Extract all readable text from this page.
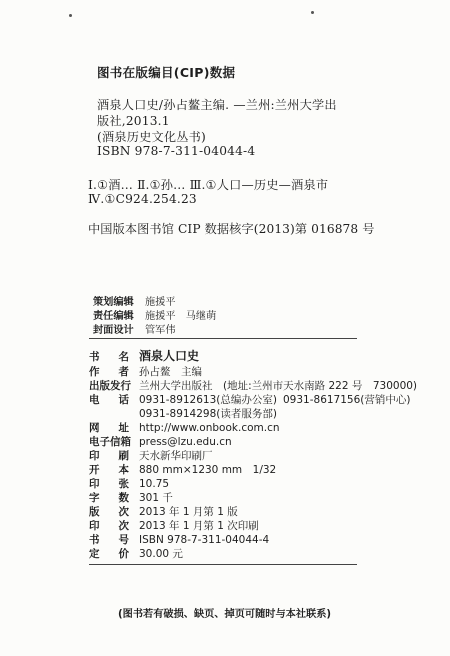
图书在版编目(CIP)数据
酒泉人口史/孙占鳌主编. —兰州:兰州大学出
版社,2013.1
(酒泉历史文化丛书)
ISBN 978-7-311-04044-4
Ⅰ.①酒… Ⅱ.①孙… Ⅲ.①人口—历史—酒泉市
Ⅳ.①C924.254.23
中国版本图书馆 CIP 数据核字(2013)第 016878 号
策划编辑 施援平
责任编辑 施援平　马继萌
封面设计 管军伟
书名 酒泉人口史
作者 孙占鳌　主编
出版发行 兰州大学出版社　(地址:兰州市天水南路 222 号　730000)
电话 0931-8912613(总编办公室) 0931-8617156(营销中心)
0931-8914298(读者服务部)
网址 http://www.onbook.com.cn
电子信箱 press@lzu.edu.cn
印刷 天水新华印刷厂
开本 880 mm×1230 mm　1/32
印张 10.75
字数 301 千
版次 2013 年 1 月第 1 版
印次 2013 年 1 月第 1 次印刷
书号 ISBN 978-7-311-04044-4
定价 30.00 元
(图书若有破损、缺页、掉页可随时与本社联系)
